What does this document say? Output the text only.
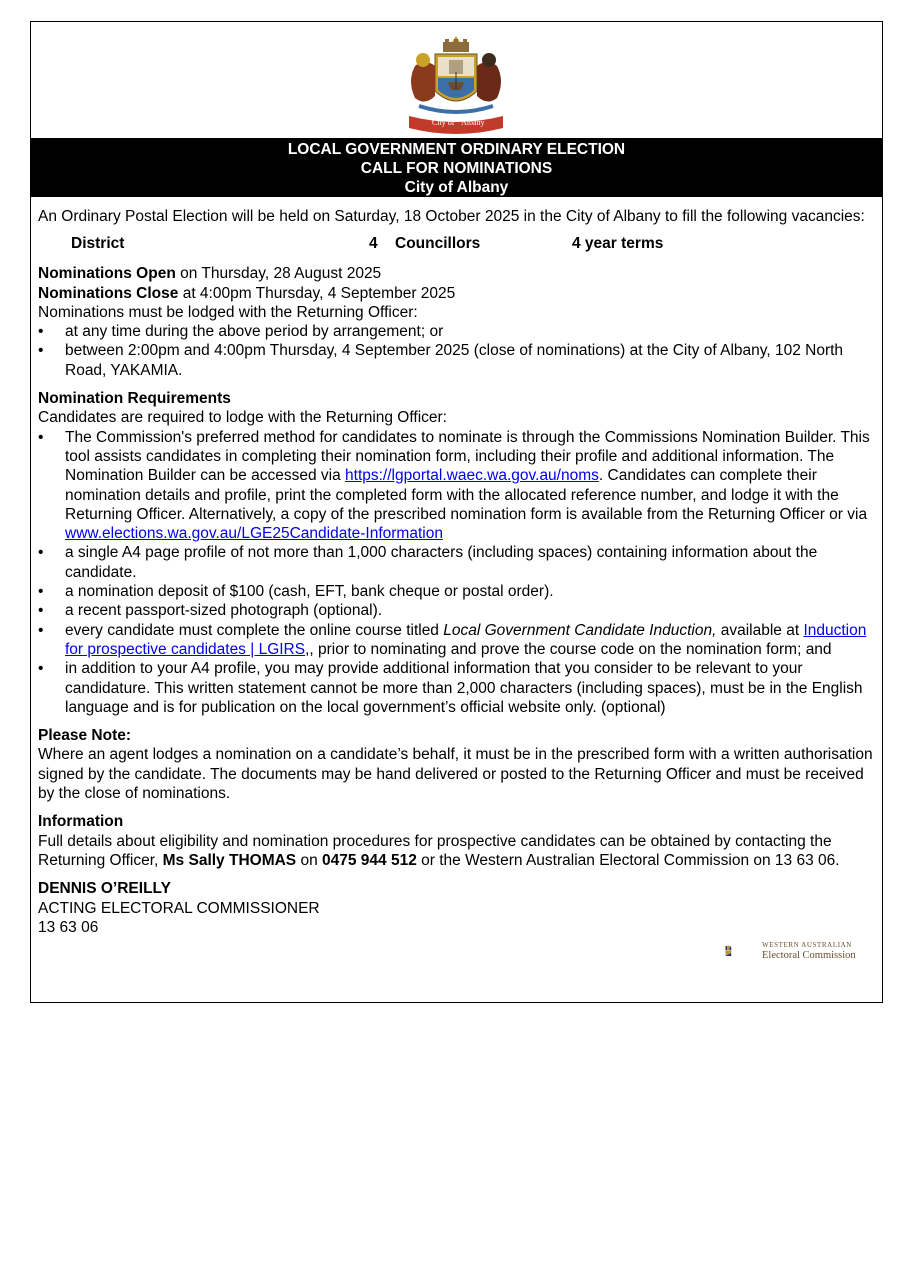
City of Albany
LOCAL GOVERNMENT ORDINARY ELECTION
CALL FOR NOMINATIONS
City of Albany

An Ordinary Postal Election will be held on Saturday, 18 October 2025 in the City of Albany to fill the following vacancies:

District	4 Councillors	4 year terms

Nominations Open on Thursday, 28 August 2025

Nominations Close at 4:00pm Thursday, 4 September 2025

Nominations must be lodged with the Returning Officer:

• at any time during the above period by arrangement; or
• between 2:00pm and 4:00pm Thursday, 4 September 2025 (close of nominations) at the City of Albany, 102 North Road, YAKAMIA.

Nomination Requirements

Candidates are required to lodge with the Returning Officer:

• The Commission's preferred method for candidates to nominate is through the Commissions Nomination Builder. This tool assists candidates in completing their nomination form, including their profile and additional information. The Nomination Builder can be accessed via https://lgportal.waec.wa.gov.au/noms. Candidates can complete their nomination details and profile, print the completed form with the allocated reference number, and lodge it with the Returning Officer. Alternatively, a copy of the prescribed nomination form is available from the Returning Officer or via www.elections.wa.gov.au/LGE25Candidate-Information
• a single A4 page profile of not more than 1,000 characters (including spaces) containing information about the candidate.
• a nomination deposit of $100 (cash, EFT, bank cheque or postal order).
• a recent passport-sized photograph (optional).
• every candidate must complete the online course titled Local Government Candidate Induction, available at Induction for prospective candidates | LGIRS,, prior to nominating and prove the course code on the nomination form; and
• in addition to your A4 profile, you may provide additional information that you consider to be relevant to your candidature. This written statement cannot be more than 2,000 characters (including spaces), must be in the English language and is for publication on the local government’s official website only. (optional)

Please Note:

Where an agent lodges a nomination on a candidate’s behalf, it must be in the prescribed form with a written authorisation signed by the candidate. The documents may be hand delivered or posted to the Returning Officer and must be received by the close of nominations.

Information

Full details about eligibility and nomination procedures for prospective candidates can be obtained by contacting the Returning Officer, Ms Sally THOMAS on 0475 944 512 or the Western Australian Electoral Commission on 13 63 06.

DENNIS O’REILLY

ACTING ELECTORAL COMMISSIONER

13 63 06

WESTERN AUSTRALIAN
Electoral Commission
